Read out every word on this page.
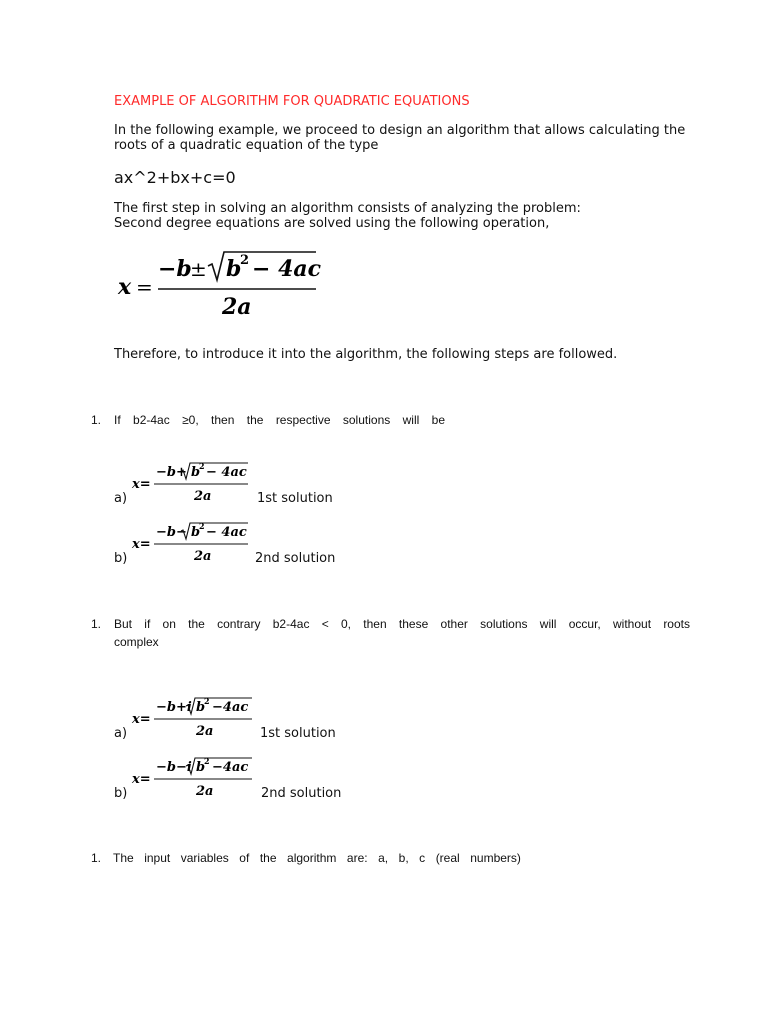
EXAMPLE OF ALGORITHM FOR QUADRATIC EQUATIONS
In the following example, we proceed to design an algorithm that allows calculating the
roots of a quadratic equation of the type
ax^2+bx+c=0
The first step in solving an algorithm consists of analyzing the problem:
Second degree equations are solved using the following operation,
x =
−b
± b
2 − 4ac
2a
Therefore, to introduce it into the algorithm, the following steps are followed.
1. If b2-4ac ≥0, then the respective solutions will be
x=
−b+ b
2 − 4ac
2a
a)	1st solution
x=
−b− b
2 − 4ac
2a
b)	2nd solution
1. But if on the contrary b2-4ac < 0, then these other solutions will occur, without roots
complex
x=
−b+i b
2 −4ac
2a
a)	1st solution
x=
−b−i b
2 −4ac
2a
b)	2nd solution
1. The input variables of the algorithm are: a, b, c (real numbers)
